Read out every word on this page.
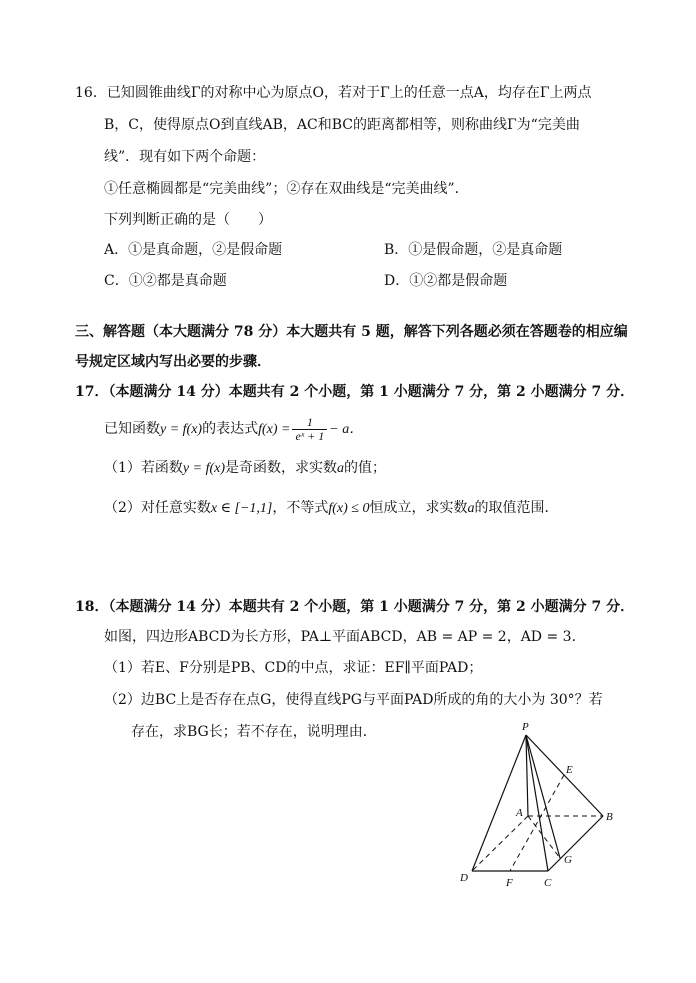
16．已知圆锥曲线Γ的对称中心为原点O，若对于Γ上的任意一点A，均存在Γ上两点
B，C，使得原点O到直线AB，AC和BC的距离都相等，则称曲线Γ为“完美曲
线”．现有如下两个命题：
①任意椭圆都是“完美曲线”；②存在双曲线是“完美曲线”．
下列判断正确的是（　　）
A．①是真命题，②是假命题	B．①是假命题，②是真命题
C．①②都是真命题	D．①②都是假命题
三、解答题（本大题满分 78 分）本大题共有 5 题，解答下列各题必须在答题卷的相应编
号规定区域内写出必要的步骤．
17．（本题满分 14 分）本题共有 2 个小题，第 1 小题满分 7 分，第 2 小题满分 7 分．
已知函数y = f(x)的表达式$f(x) = \frac{1}{\text{eˣ + 1}} - a$．
（1）若函数y = f(x)是奇函数，求实数a的值；
（2）对任意实数x ∈ [−1,1]，不等式f(x) ≤ 0恒成立，求实数a的取值范围．
18．（本题满分 14 分）本题共有 2 个小题，第 1 小题满分 7 分，第 2 小题满分 7 分．
如图，四边形ABCD为长方形，PA⊥平面ABCD，AB = AP = 2，AD = 3．
（1）若E、F分别是PB、CD的中点，求证：EF∥平面PAD；
（2）边BC上是否存在点G，使得直线PG与平面PAD所成的角的大小为 30°？若
存在，求BG长；若不存在，说明理由．	P
E
A	B
G
D	F	C
